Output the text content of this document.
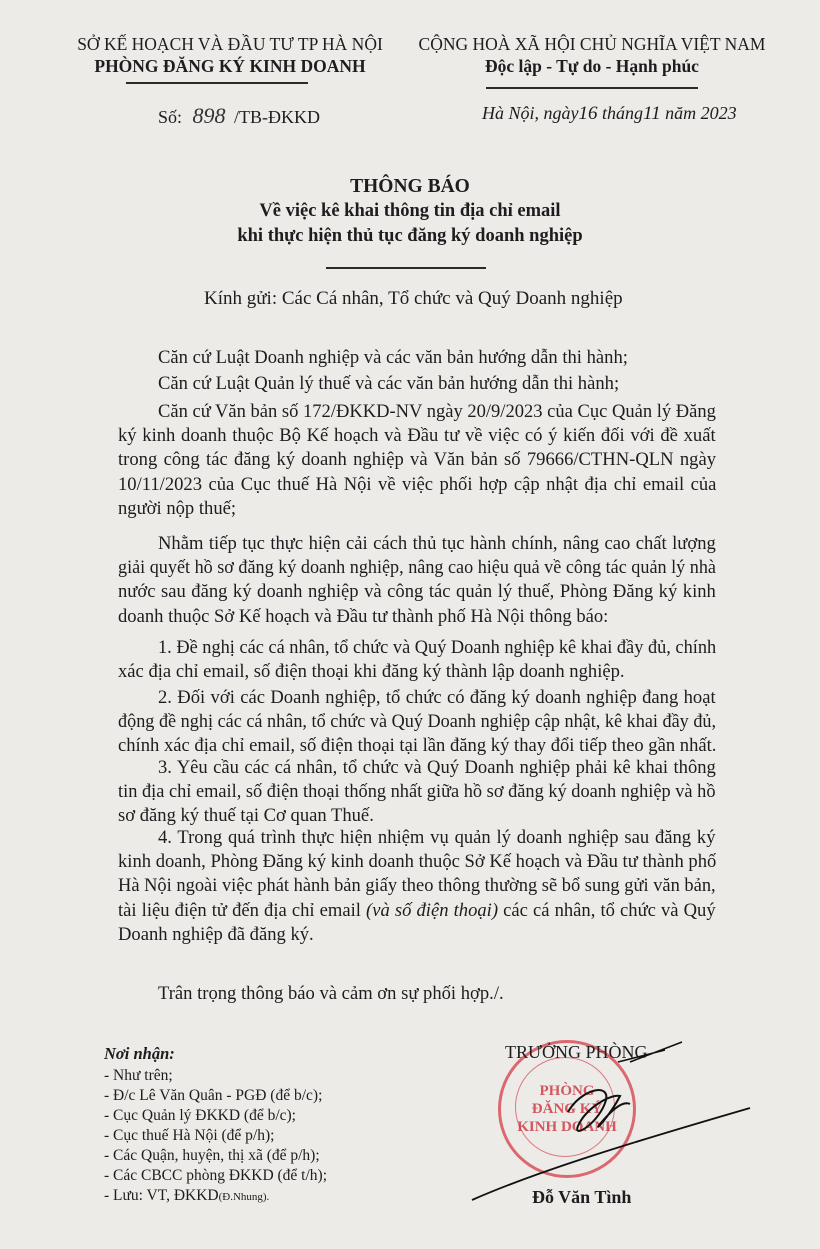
SỞ KẾ HOẠCH VÀ ĐẦU TƯ TP HÀ NỘI
PHÒNG ĐĂNG KÝ KINH DOANH
CỘNG HOÀ XÃ HỘI CHỦ NGHĨA VIỆT NAM
Độc lập - Tự do - Hạnh phúc
Số: 898 /TB-ĐKKD	Hà Nội, ngày16 tháng11 năm 2023
THÔNG BÁO
Về việc kê khai thông tin địa chỉ email
khi thực hiện thủ tục đăng ký doanh nghiệp
Kính gửi: Các Cá nhân, Tổ chức và Quý Doanh nghiệp
Căn cứ Luật Doanh nghiệp và các văn bản hướng dẫn thi hành;
Căn cứ Luật Quản lý thuế và các văn bản hướng dẫn thi hành;
Căn cứ Văn bản số 172/ĐKKD-NV ngày 20/9/2023 của Cục Quản lý Đăng
ký kinh doanh thuộc Bộ Kế hoạch và Đầu tư về việc có ý kiến đối với đề xuất
trong công tác đăng ký doanh nghiệp và Văn bản số 79666/CTHN-QLN ngày
10/11/2023 của Cục thuế Hà Nội về việc phối hợp cập nhật địa chỉ email của
người nộp thuế;
Nhằm tiếp tục thực hiện cải cách thủ tục hành chính, nâng cao chất lượng
giải quyết hồ sơ đăng ký doanh nghiệp, nâng cao hiệu quả về công tác quản lý nhà
nước sau đăng ký doanh nghiệp và công tác quản lý thuế, Phòng Đăng ký kinh
doanh thuộc Sở Kế hoạch và Đầu tư thành phố Hà Nội thông báo:
1. Đề nghị các cá nhân, tổ chức và Quý Doanh nghiệp kê khai đầy đủ, chính
xác địa chỉ email, số điện thoại khi đăng ký thành lập doanh nghiệp.
2. Đối với các Doanh nghiệp, tổ chức có đăng ký doanh nghiệp đang hoạt
động đề nghị các cá nhân, tổ chức và Quý Doanh nghiệp cập nhật, kê khai đầy đủ,
chính xác địa chỉ email, số điện thoại tại lần đăng ký thay đổi tiếp theo gần nhất.
3. Yêu cầu các cá nhân, tổ chức và Quý Doanh nghiệp phải kê khai thông
tin địa chỉ email, số điện thoại thống nhất giữa hồ sơ đăng ký doanh nghiệp và hồ
sơ đăng ký thuế tại Cơ quan Thuế.
4. Trong quá trình thực hiện nhiệm vụ quản lý doanh nghiệp sau đăng ký
kinh doanh, Phòng Đăng ký kinh doanh thuộc Sở Kế hoạch và Đầu tư thành phố
Hà Nội ngoài việc phát hành bản giấy theo thông thường sẽ bổ sung gửi văn bản,
tài liệu điện tử đến địa chỉ email (và số điện thoại) các cá nhân, tổ chức và Quý
Doanh nghiệp đã đăng ký.
Trân trọng thông báo và cảm ơn sự phối hợp./.
Nơi nhận:
- Như trên;
- Đ/c Lê Văn Quân - PGĐ (để b/c);
- Cục Quản lý ĐKKD (để b/c);
- Cục thuế Hà Nội (để p/h);
- Các Quận, huyện, thị xã (để p/h);
- Các CBCC phòng ĐKKD (để t/h);
- Lưu: VT, ĐKKD(Đ.Nhung).
PHÒNG
ĐĂNG KÝ
KINH DOANH
TRƯỞNG PHÒNG
Đỗ Văn Tình
